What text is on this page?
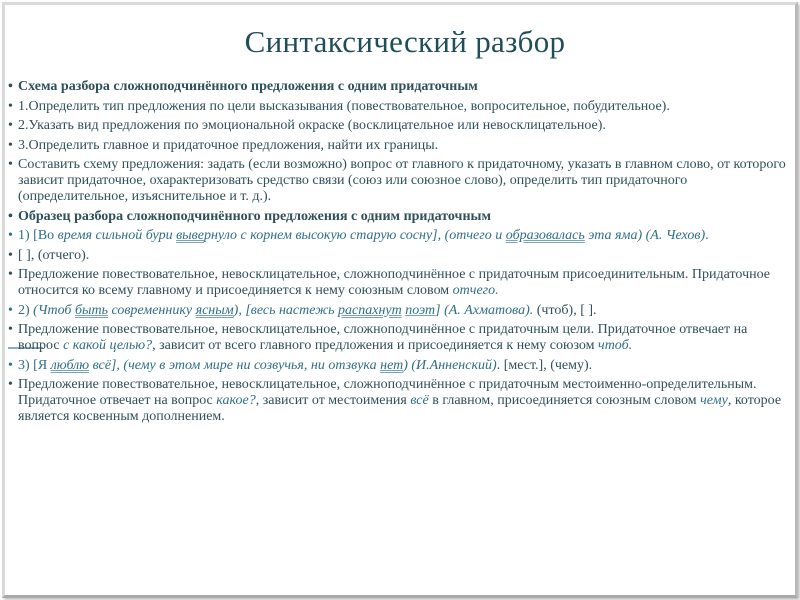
Синтаксический разбор
• Схема разбора сложноподчинённого предложения с одним придаточным
• 1.Определить тип предложения по цели высказывания (повествовательное, вопросительное, побудительное).
• 2.Указать вид предложения по эмоциональной окраске (восклицательное или невосклицательное).
• 3.Определить главное и придаточное предложения, найти их границы.
• Составить схему предложения: задать (если возможно) вопрос от главного к придаточному, указать в главном слово, от которого зависит придаточное, охарактеризовать средство связи (союз или союзное слово), определить тип придаточного (определительное, изъяснительное и т. д.).
• Образец разбора сложноподчинённого предложения с одним придаточным
• 1) [Во время сильной бури вывернуло с корнем высокую старую сосну], (отчего и образовалась эта яма) (А. Чехов).
• [ ], (отчего).
• Предложение повествовательное, невосклицательное, сложноподчинённое с придаточным присоединительным. Придаточное относится ко всему главному и присоединяется к нему союзным словом отчего.
• 2) (Чтоб быть современнику ясным), [весь настежь распахнут поэт] (А. Ахматова). (чтоб), [ ].
• Предложение повествовательное, невосклицательное, сложноподчинённое с придаточным цели. Придаточное отвечает на вопрос с какой целью?, зависит от всего главного предложения и присоединяется к нему союзом чтоб.
• 3) [Я люблю всё], (чему в этом мире ни созвучья, ни отзвука нет) (И.Анненский). [мест.], (чему).
• Предложение повествовательное, невосклицательное, сложноподчинённое с придаточным местоименно-определительным. Придаточное отвечает на вопрос какое?, зависит от местоимения всё в главном, присоединяется союзным словом чему, которое является косвенным дополнением.
